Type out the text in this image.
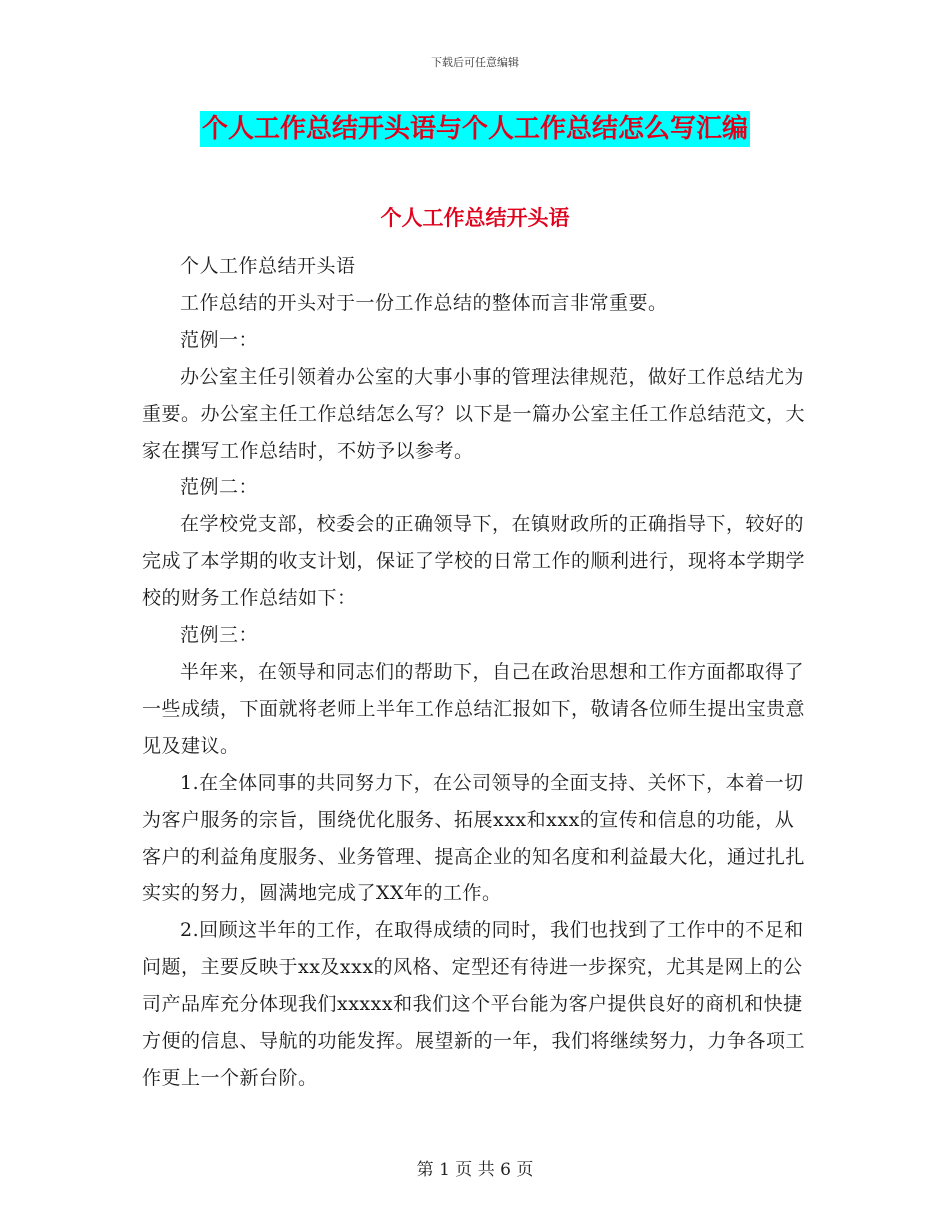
下载后可任意编辑
个人工作总结开头语与个人工作总结怎么写汇编
个人工作总结开头语

个人工作总结开头语

工作总结的开头对于一份工作总结的整体而言非常重要。

范例一：

办公室主任引领着办公室的大事小事的管理法律规范，做好工作总结尤为重要。办公室主任工作总结怎么写？以下是一篇办公室主任工作总结范文，大家在撰写工作总结时，不妨予以参考。

范例二：

在学校党支部，校委会的正确领导下，在镇财政所的正确指导下，较好的完成了本学期的收支计划，保证了学校的日常工作的顺利进行，现将本学期学校的财务工作总结如下：

范例三：

半年来，在领导和同志们的帮助下，自己在政治思想和工作方面都取得了一些成绩，下面就将老师上半年工作总结汇报如下，敬请各位师生提出宝贵意见及建议。

1.在全体同事的共同努力下，在公司领导的全面支持、关怀下，本着一切为客户服务的宗旨，围绕优化服务、拓展xxx和xxx的宣传和信息的功能，从客户的利益角度服务、业务管理、提高企业的知名度和利益最大化，通过扎扎实实的努力，圆满地完成了XX年的工作。

2.回顾这半年的工作，在取得成绩的同时，我们也找到了工作中的不足和问题，主要反映于xx及xxx的风格、定型还有待进一步探究，尤其是网上的公司产品库充分体现我们xxxxx和我们这个平台能为客户提供良好的商机和快捷方便的信息、导航的功能发挥。展望新的一年，我们将继续努力，力争各项工作更上一个新台阶。

第 1 页 共 6 页
